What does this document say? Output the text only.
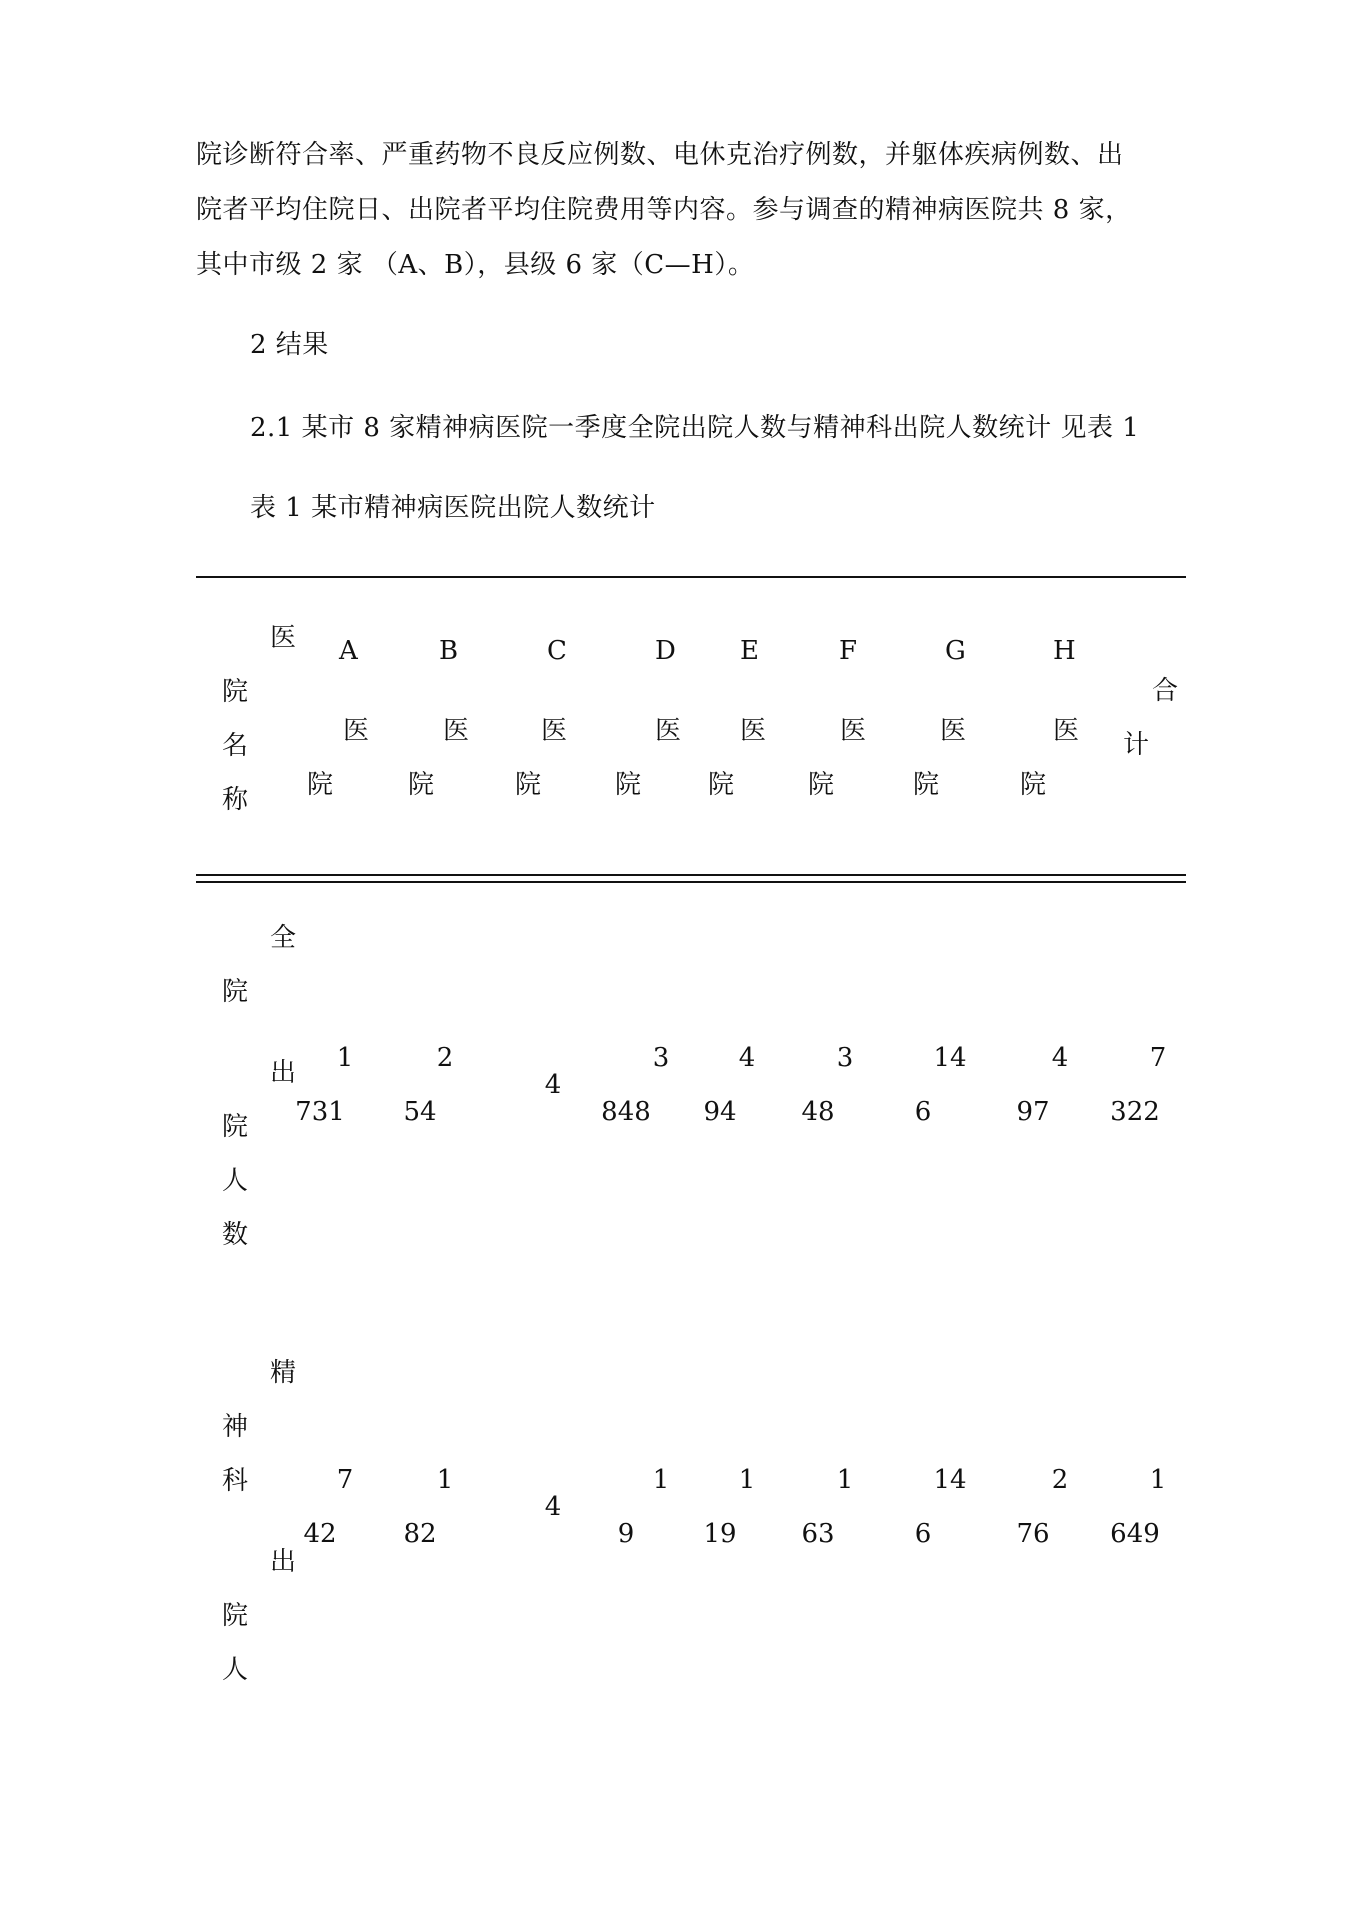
院诊断符合率、严重药物不良反应例数、电休克治疗例数，并躯体疾病例数、出
院者平均住院日、出院者平均住院费用等内容。参与调查的精神病医院共 8 家，
其中市级 2 家 （A、B），县级 6 家（C—H）。
2 结果
2.1 某市 8 家精神病医院一季度全院出院人数与精神科出院人数统计 见表 1
表 1 某市精神病医院出院人数统计
医
院
名
称
A
医
院
B
医
院
C
医
院
D
医
院
E
医
院
F
医
院
G
医
院
H
医
院
合
计
全
院
出
院
人
数
1
731
2
54
4
3
848
4
94
3
48
14
6
4
97
7
322
精
神
科
出
院
人
7
42
1
82
4
1
9
1
19
1
63
14
6
2
76
1
649
